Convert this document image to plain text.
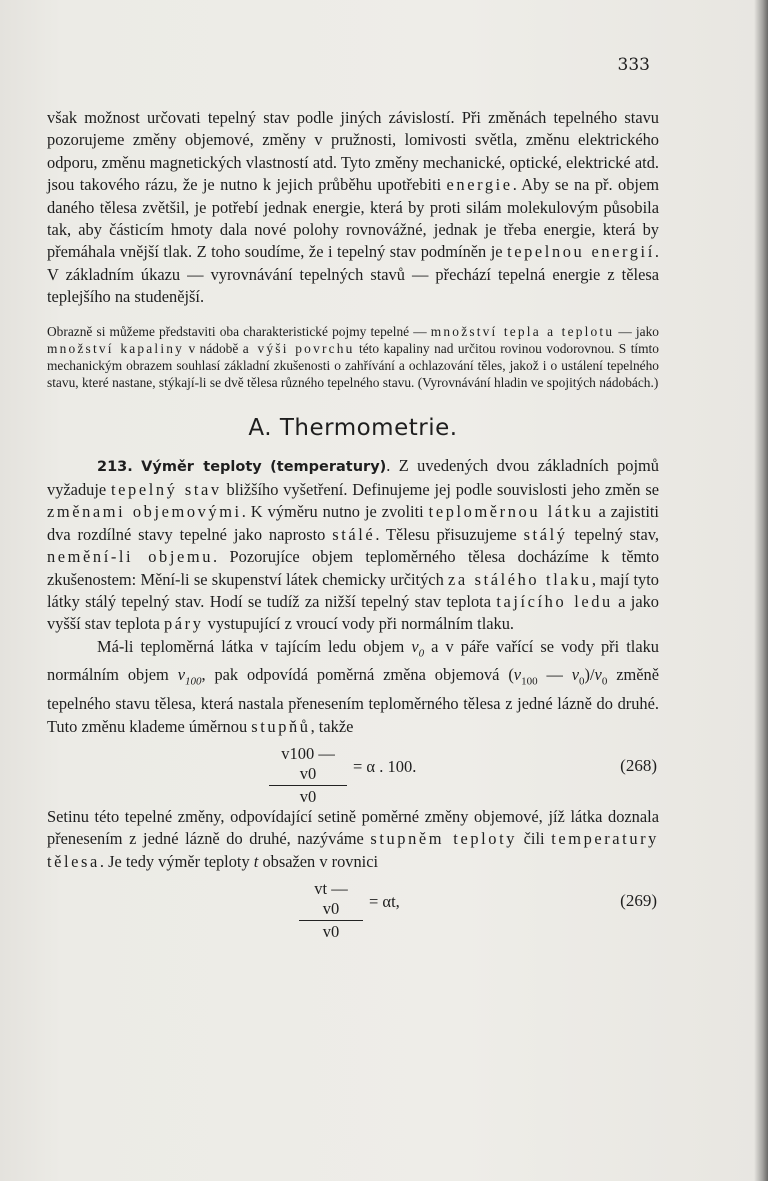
333

však možnost určovati tepelný stav podle jiných závislostí. Při změnách tepelného stavu pozorujeme změny objemové, změny v pružnosti, lomivosti světla, změnu elektrického odporu, změnu magnetických vlastností atd. Tyto změny mechanické, optické, elektrické atd. jsou takového rázu, že je nutno k jejich průběhu upotřebiti energie. Aby se na př. objem daného tělesa zvětšil, je potřebí jednak energie, která by proti silám molekulovým působila tak, aby částicím hmoty dala nové polohy rovnovážné, jednak je třeba energie, která by přemáhala vnější tlak. Z toho soudíme, že i tepelný stav podmíněn je tepelnou energií. V základním úkazu — vyrovnávání tepelných stavů — přechází tepelná energie z tělesa teplejšího na studenější.

Obrazně si můžeme představiti oba charakteristické pojmy tepelné — množství tepla a teplotu — jako množství kapaliny v nádobě a výši povrchu této kapaliny nad určitou rovinou vodorovnou. S tímto mechanickým obrazem souhlasí základní zkušenosti o zahřívání a ochlazování těles, jakož i o ustálení tepelného stavu, které nastane, stýkají-li se dvě tělesa různého tepelného stavu. (Vyrovnávání hladin ve spojitých nádobách.)

A. Thermometrie.

213. Výměr teploty (temperatury). Z uvedených dvou základních pojmů vyžaduje tepelný stav bližšího vyšetření. Definujeme jej podle souvislosti jeho změn se změnami objemovými. K výměru nutno je zvoliti teploměrnou látku a zajistiti dva rozdílné stavy tepelné jako naprosto stálé. Tělesu přisuzujeme stálý tepelný stav, nemění-li objemu. Pozorujíce objem teploměrného tělesa docházíme k těmto zkušenostem: Mění-li se skupenství látek chemicky určitých za stálého tlaku, mají tyto látky stálý tepelný stav. Hodí se tudíž za nižší tepelný stav teplota tajícího ledu a jako vyšší stav teplota páry vystupující z vroucí vody při normálním tlaku.

Má-li teploměrná látka v tajícím ledu objem $v_0$ a v páře vařící se vody při tlaku normálním objem $v_{100}$, pak odpovídá poměrná změna objemová ($v_{100}$ — $v_0)/v_0$ změně tepelného stavu tělesa, která nastala přenesením teploměrného tělesa z jedné lázně do druhé. Tuto změnu klademe úměrnou stupňů, takže

$\frac{v100 — v0}{v0} = \alpha$ . 100.	(268)

Setinu této tepelné změny, odpovídající setině poměrné změny objemové, jíž látka doznala přenesením z jedné lázně do druhé, nazýváme stupněm teploty čili temperatury tělesa. Je tedy výměr teploty t obsažen v rovnici

$\frac{vt — v0}{v0} = \alpha t$,	(269)
